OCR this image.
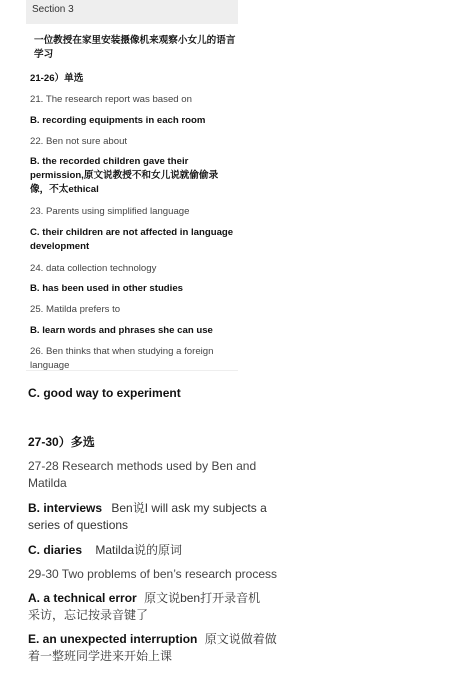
Section 3
一位教授在家里安装摄像机来观察小女儿的语言学习
21-26）单选
21. The research report was based on
B. recording equipments in each room
22. Ben not sure about
B. the recorded children gave their permission,原文说教授不和女儿说就偷偷录像，不太ethical
23. Parents using simplified language
C. their children are not affected in language development
24. data collection technology
B. has been used in other studies
25. Matilda prefers to
B. learn words and phrases she can use
26. Ben thinks that when studying a foreign language
C. good way to experiment
27-30）多选
27-28 Research methods used by Ben and Matilda
B. interviews Ben说I will ask my subjects a series of questions
C. diaries Matilda说的原词
29-30 Two problems of ben’s research process
A. a technical error 原文说ben打开录音机采访，忘记按录音键了
E. an unexpected interruption 原文说做着做着一整班同学进来开始上课
